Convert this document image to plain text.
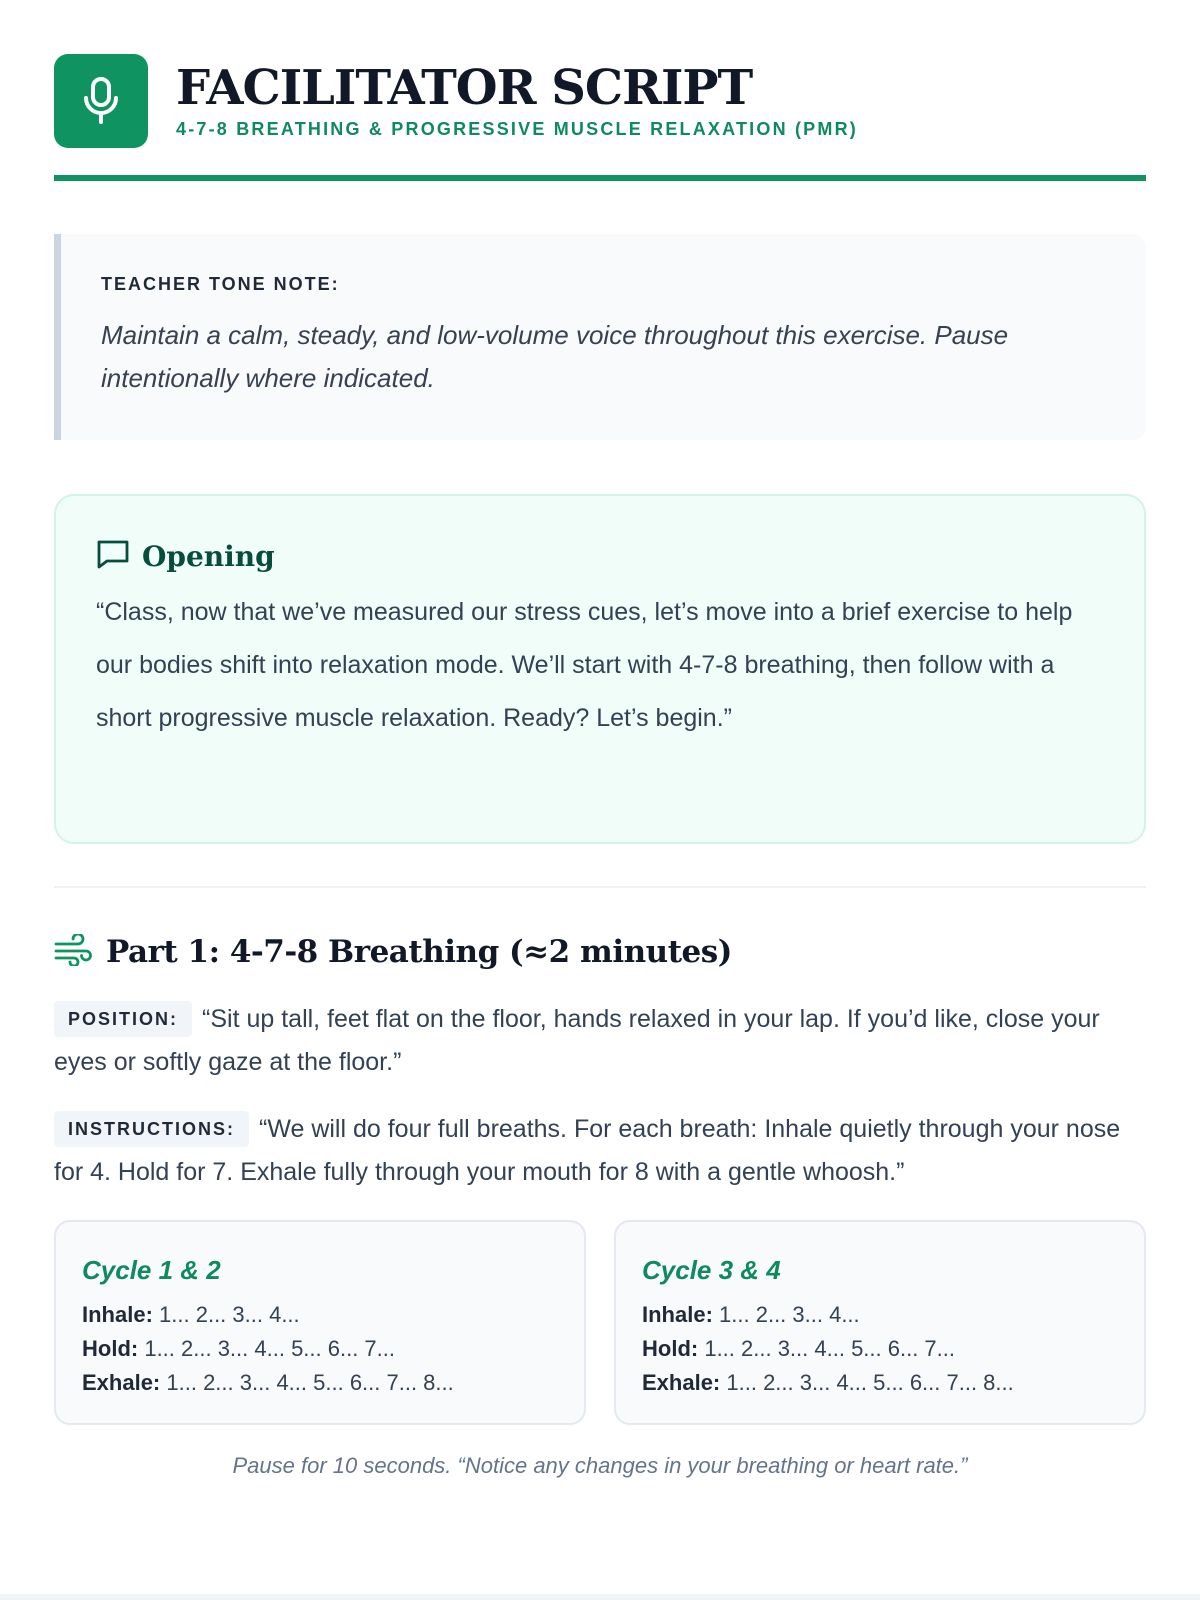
FACILITATOR SCRIPT
4-7-8 BREATHING & PROGRESSIVE MUSCLE RELAXATION (PMR)
TEACHER TONE NOTE:
Maintain a calm, steady, and low-volume voice throughout this exercise. Pause intentionally where indicated.
Opening
“Class, now that we’ve measured our stress cues, let’s move into a brief exercise to help our bodies shift into relaxation mode. We’ll start with 4-7-8 breathing, then follow with a short progressive muscle relaxation. Ready? Let’s begin.”
Part 1: 4-7-8 Breathing (≈2 minutes)

POSITION: “Sit up tall, feet flat on the floor, hands relaxed in your lap. If you’d like, close your eyes or softly gaze at the floor.”

INSTRUCTIONS: “We will do four full breaths. For each breath: Inhale quietly through your nose for 4. Hold for 7. Exhale fully through your mouth for 8 with a gentle whoosh.”

Cycle 1 & 2
Inhale: 1... 2... 3... 4...
Hold: 1... 2... 3... 4... 5... 6... 7...
Exhale: 1... 2... 3... 4... 5... 6... 7... 8...
Cycle 3 & 4
Inhale: 1... 2... 3... 4...
Hold: 1... 2... 3... 4... 5... 6... 7...
Exhale: 1... 2... 3... 4... 5... 6... 7... 8...
Pause for 10 seconds. “Notice any changes in your breathing or heart rate.”
